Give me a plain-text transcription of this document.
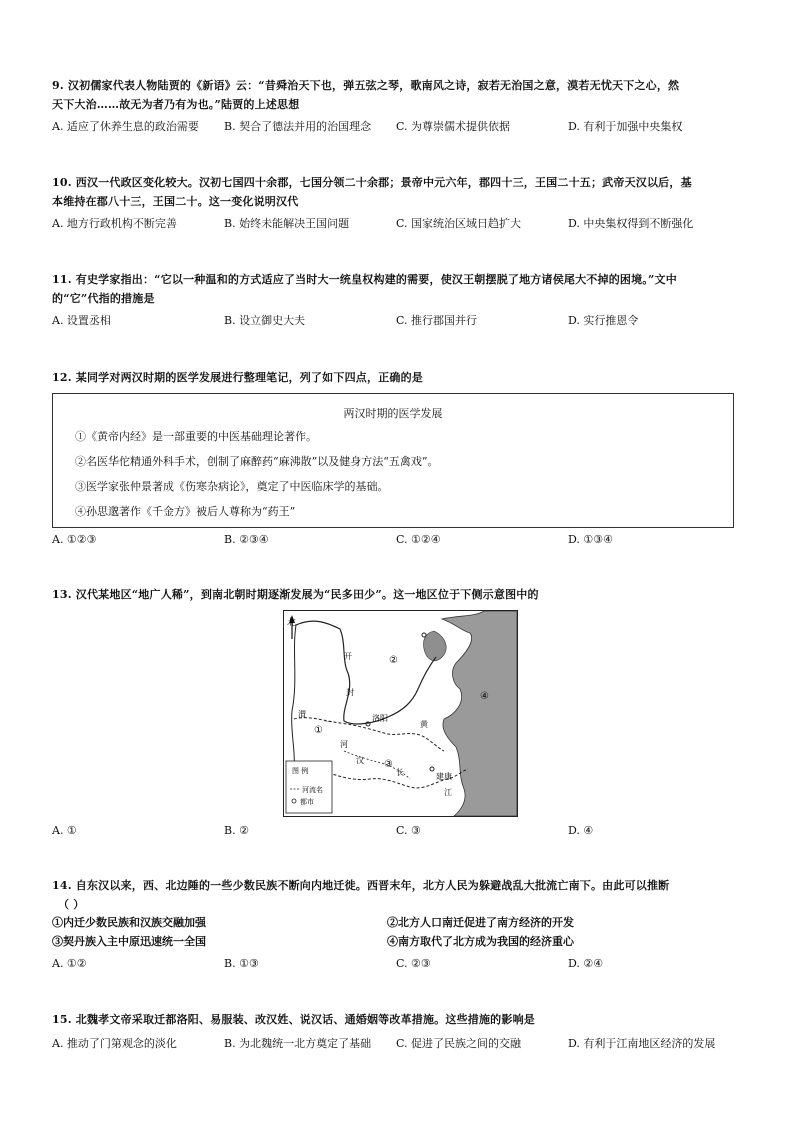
9. 汉初儒家代表人物陆贾的《新语》云：“昔舜治天下也，弹五弦之琴，歌南风之诗，寂若无治国之意，漠若无忧天下之心，然
天下大治……故无为者乃有为也。”陆贾的上述思想
A. 适应了休养生息的政治需要	B. 契合了德法并用的治国理念	C. 为尊崇儒术提供依据	D. 有利于加强中央集权
10. 西汉一代政区变化较大。汉初七国四十余郡，七国分领二十余郡；景帝中元六年，郡四十三，王国二十五；武帝天汉以后，基
本维持在郡八十三，王国二十。这一变化说明汉代
A. 地方行政机构不断完善	B. 始终未能解决王国问题	C. 国家统治区域日趋扩大	D. 中央集权得到不断强化
11. 有史学家指出：“它以一种温和的方式适应了当时大一统皇权构建的需要，使汉王朝摆脱了地方诸侯尾大不掉的困境。”文中
的“它”代指的措施是
A. 设置丞相	B. 设立御史大夫	C. 推行郡国并行	D. 实行推恩令
12. 某同学对两汉时期的医学发展进行整理笔记，列了如下四点，正确的是
两汉时期的医学发展
①《黄帝内经》是一部重要的中医基础理论著作。
②名医华佗精通外科手术，创制了麻醉药“麻沸散”以及健身方法“五禽戏”。
③医学家张仲景著成《伤寒杂病论》，奠定了中医临床学的基础。
④孙思邈著作《千金方》被后人尊称为“药王”
A. ①②③	B. ②③④	C. ①②④	D. ①③④
13. 汉代某地区“地广人稀”，到南北朝时期逐渐发展为“民多田少”。这一地区位于下侧示意图中的
北
②
④
①
③
开
封
洛阳
建康
黄
河
渭
长
江
一
汉
图 例
河流名
都市
A. ①	B. ②	C. ③	D. ④
14. 自东汉以来，西、北边陲的一些少数民族不断向内地迁徙。西晋末年，北方人民为躲避战乱大批流亡南下。由此可以推断
（ ）
①内迁少数民族和汉族交融加强	②北方人口南迁促进了南方经济的开发
③契丹族入主中原迅速统一全国	④南方取代了北方成为我国的经济重心
A. ①②	B. ①③	C. ②③	D. ②④
15. 北魏孝文帝采取迁都洛阳、易服装、改汉姓、说汉话、通婚姻等改革措施。这些措施的影响是
A. 推动了门第观念的淡化	B. 为北魏统一北方奠定了基础	C. 促进了民族之间的交融	D. 有利于江南地区经济的发展
